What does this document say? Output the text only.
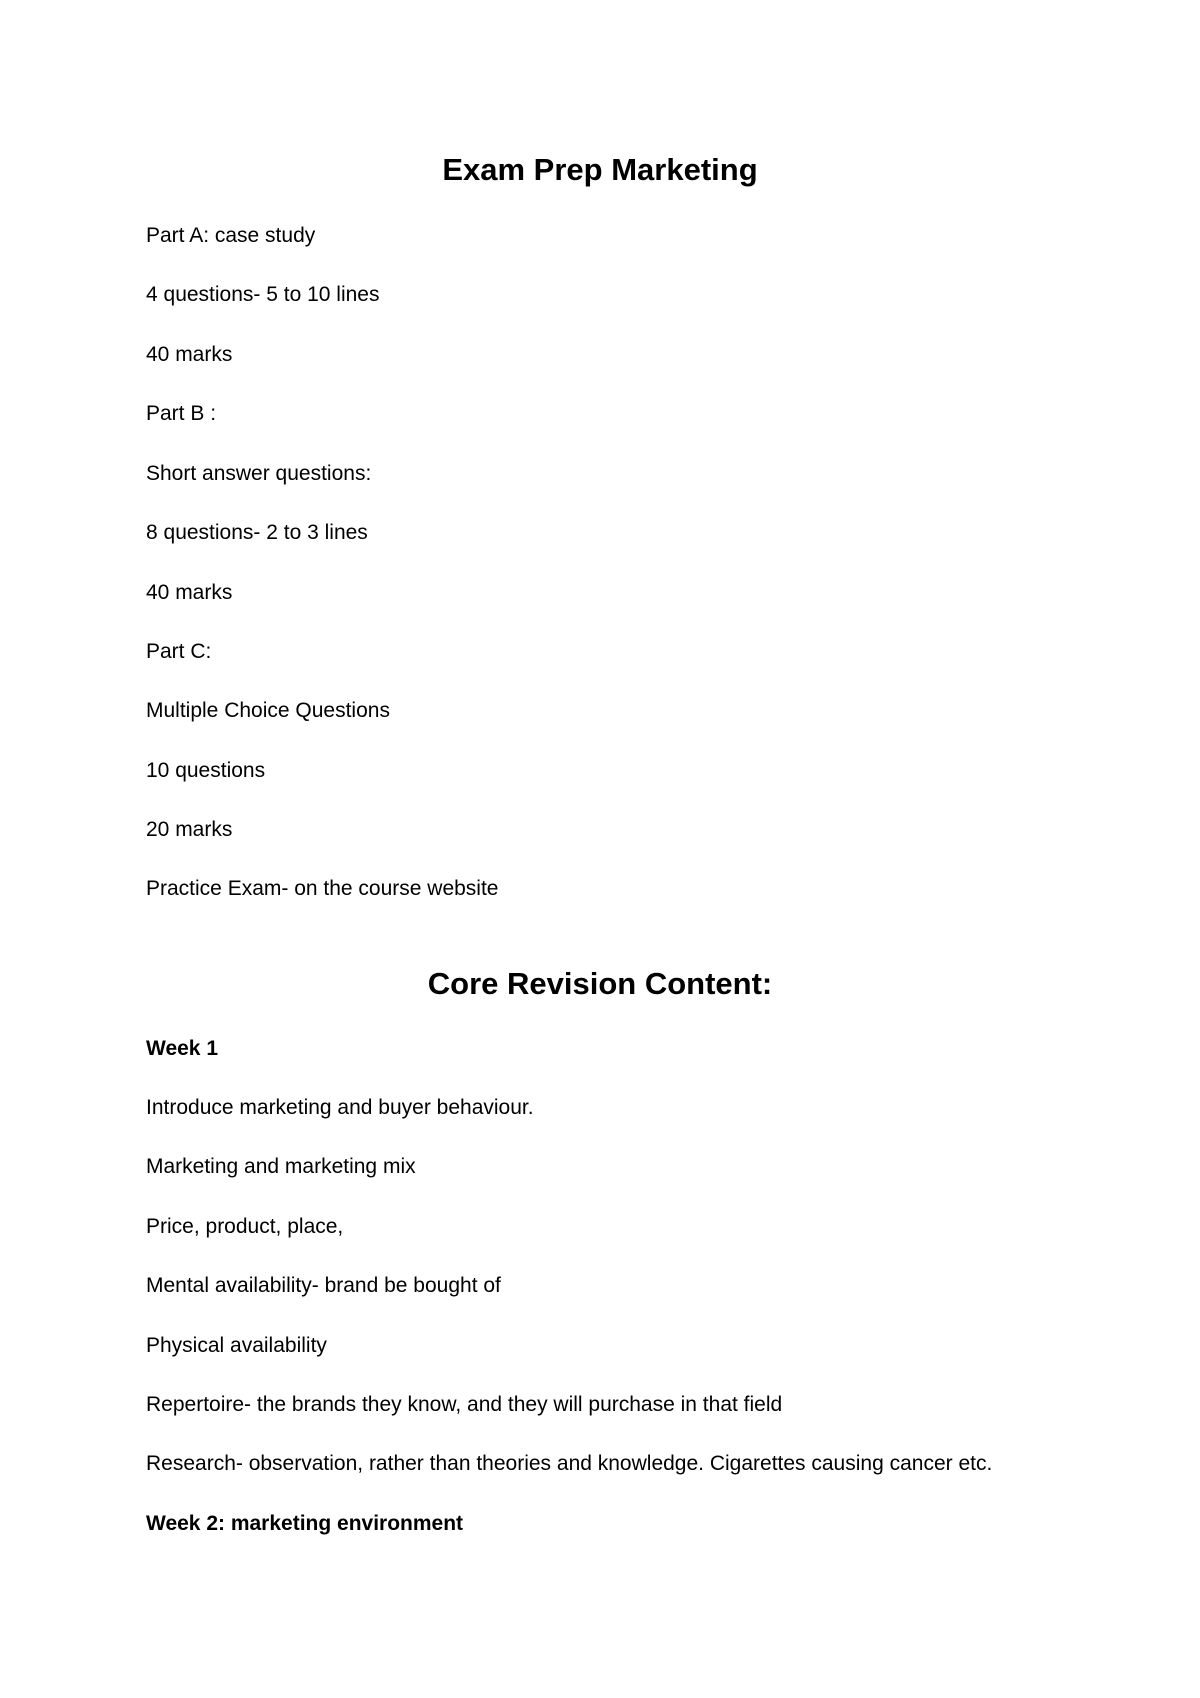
Exam Prep Marketing
Part A: case study
4 questions- 5 to 10 lines
40 marks
Part B :
Short answer questions:
8 questions- 2 to 3 lines
40 marks
Part C:
Multiple Choice Questions
10 questions
20 marks
Practice Exam- on the course website
Core Revision Content:
Week 1
Introduce marketing and buyer behaviour.
Marketing and marketing mix
Price, product, place,
Mental availability- brand be bought of
Physical availability
Repertoire- the brands they know, and they will purchase in that field
Research- observation, rather than theories and knowledge. Cigarettes causing cancer etc.
Week 2: marketing environment
